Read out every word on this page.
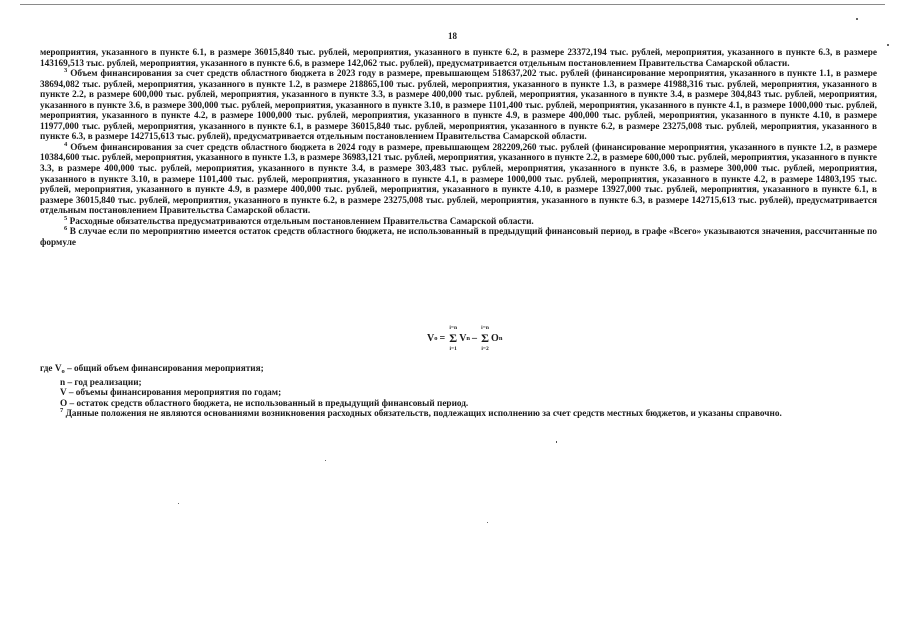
18

мероприятия, указанного в пункте 6.1, в размере 36015,840 тыс. рублей, мероприятия, указанного в пункте 6.2, в размере 23372,194 тыс. рублей, мероприятия, указанного в пункте 6.3, в размере 143169,513 тыс. рублей, мероприятия, указанного в пункте 6.6, в размере 142,062 тыс. рублей), предусматривается отдельным постановлением Правительства Самарской области.

$^3$ Объем финансирования за счет средств областного бюджета в 2023 году в размере, превышающем 518637,202 тыс. рублей (финансирование мероприятия, указанного в пункте 1.1, в размере 38694,082 тыс. рублей, мероприятия, указанного в пункте 1.2, в размере 218865,100 тыс. рублей, мероприятия, указанного в пункте 1.3, в размере 41988,316 тыс. рублей, мероприятия, указанного в пункте 2.2, в размере 600,000 тыс. рублей, мероприятия, указанного в пункте 3.3, в размере 400,000 тыс. рублей, мероприятия, указанного в пункте 3.4, в размере 304,843 тыс. рублей, мероприятия, указанного в пункте 3.6, в размере 300,000 тыс. рублей, мероприятия, указанного в пункте 3.10, в размере 1101,400 тыс. рублей, мероприятия, указанного в пункте 4.1, в размере 1000,000 тыс. рублей, мероприятия, указанного в пункте 4.2, в размере 1000,000 тыс. рублей, мероприятия, указанного в пункте 4.9, в размере 400,000 тыс. рублей, мероприятия, указанного в пункте 4.10, в размере 11977,000 тыс. рублей, мероприятия, указанного в пункте 6.1, в размере 36015,840 тыс. рублей, мероприятия, указанного в пункте 6.2, в размере 23275,008 тыс. рублей, мероприятия, указанного в пункте 6.3, в размере 142715,613 тыс. рублей), предусматривается отдельным постановлением Правительства Самарской области.

$^4$ Объем финансирования за счет средств областного бюджета в 2024 году в размере, превышающем 282209,260 тыс. рублей (финансирование мероприятия, указанного в пункте 1.2, в размере 10384,600 тыс. рублей, мероприятия, указанного в пункте 1.3, в размере 36983,121 тыс. рублей, мероприятия, указанного в пункте 2.2, в размере 600,000 тыс. рублей, мероприятия, указанного в пункте 3.3, в размере 400,000 тыс. рублей, мероприятия, указанного в пункте 3.4, в размере 303,483 тыс. рублей, мероприятия, указанного в пункте 3.6, в размере 300,000 тыс. рублей, мероприятия, указанного в пункте 3.10, в размере 1101,400 тыс. рублей, мероприятия, указанного в пункте 4.1, в размере 1000,000 тыс. рублей, мероприятия, указанного в пункте 4.2, в размере 14803,195 тыс. рублей, мероприятия, указанного в пункте 4.9, в размере 400,000 тыс. рублей, мероприятия, указанного в пункте 4.10, в размере 13927,000 тыс. рублей, мероприятия, указанного в пункте 6.1, в размере 36015,840 тыс. рублей, мероприятия, указанного в пункте 6.2, в размере 23275,008 тыс. рублей, мероприятия, указанного в пункте 6.3, в размере 142715,613 тыс. рублей), предусматривается отдельным постановлением Правительства Самарской области.

$^5$ Расходные обязательства предусматриваются отдельным постановлением Правительства Самарской области.

$^6$ В случае если по мероприятию имеется остаток средств областного бюджета, не использованный в предыдущий финансовый период, в графе «Всего» указываются значения, рассчитанные по формуле

V o = Σ
i=n
i=1
V n – Σ
i=n
i=2
O n

где $V_o$ – общий объем финансирования мероприятия;

n – год реализации;

V – объемы финансирования мероприятия по годам;

O – остаток средств областного бюджета, не использованный в предыдущий финансовый период.

$^7$ Данные положения не являются основаниями возникновения расходных обязательств, подлежащих исполнению за счет средств местных бюджетов, и указаны справочно.
